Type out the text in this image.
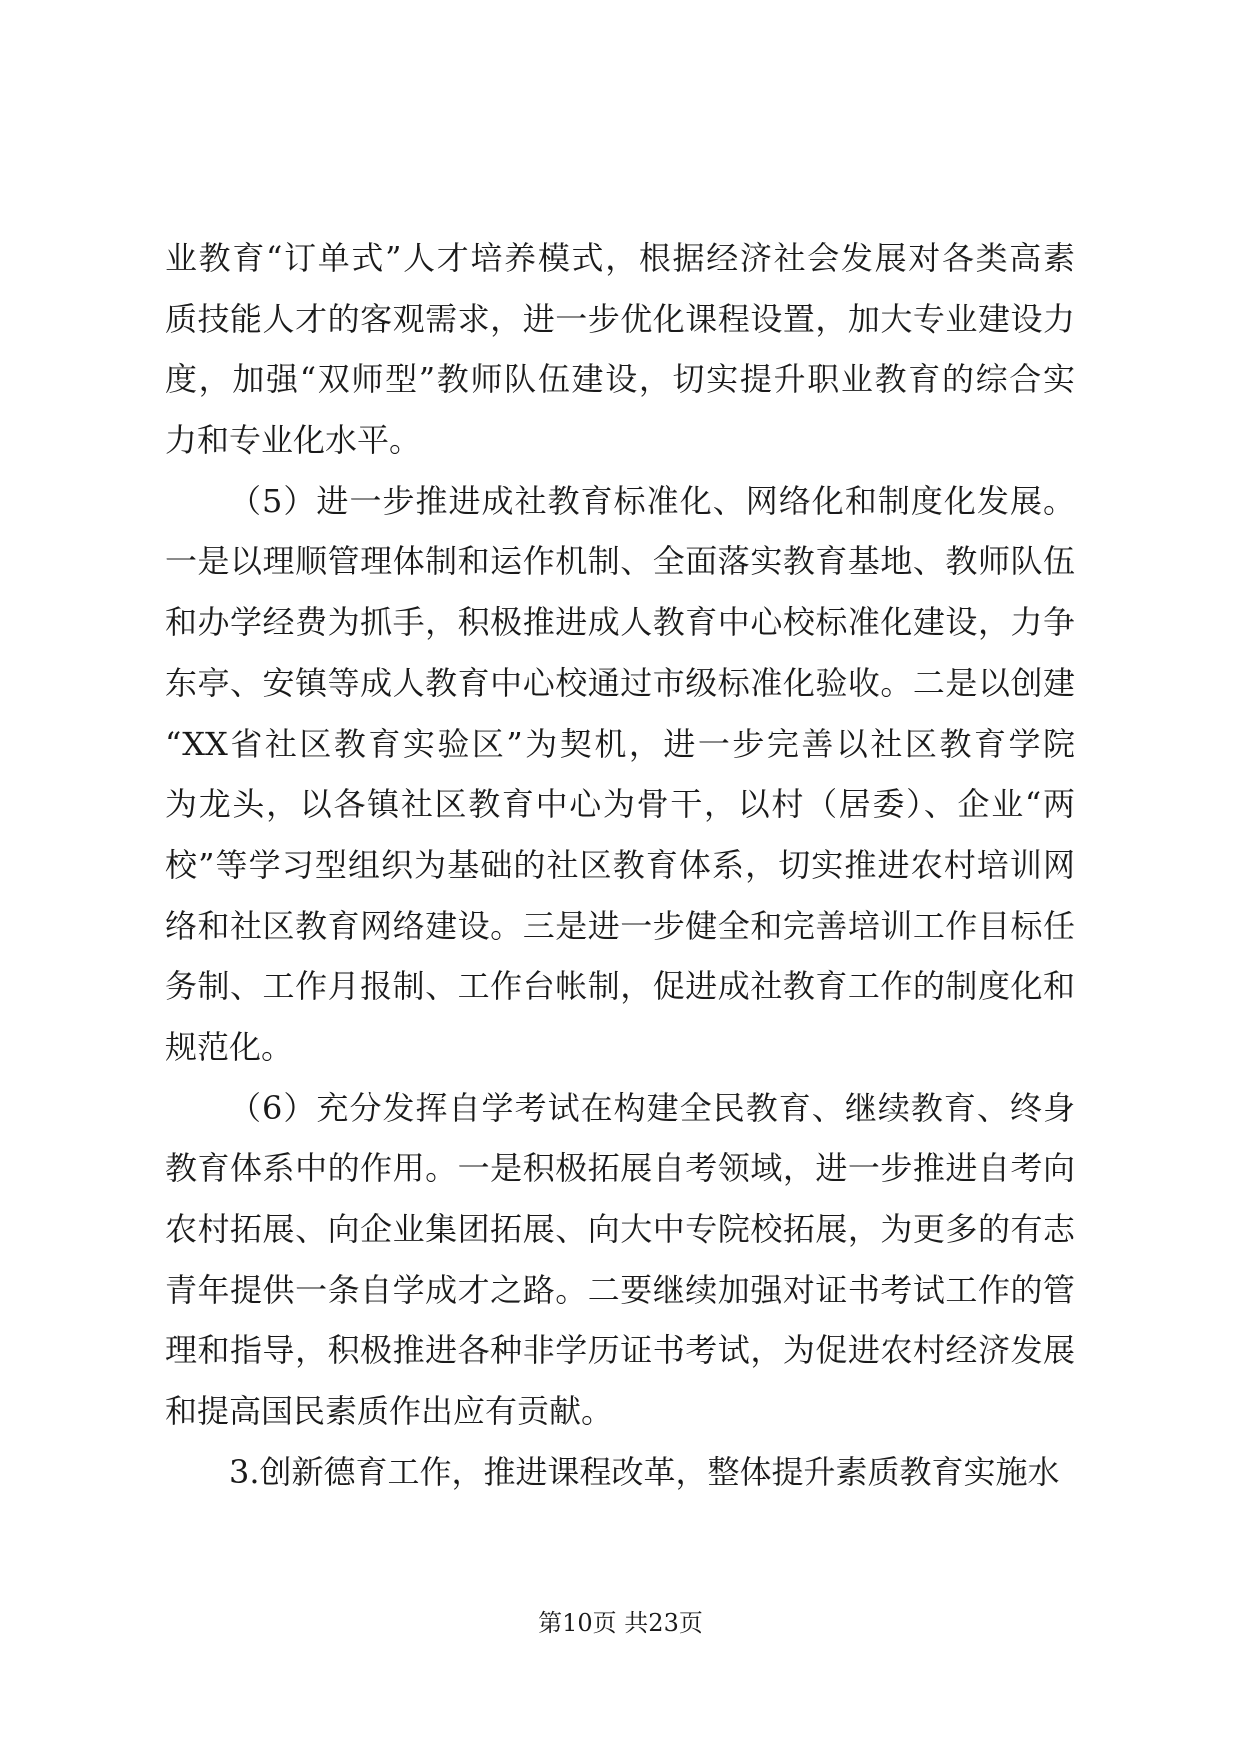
业教育“订单式”人才培养模式，根据经济社会发展对各类高素
质技能人才的客观需求，进一步优化课程设置，加大专业建设力
度，加强“双师型”教师队伍建设，切实提升职业教育的综合实
力和专业化水平。
（5）进一步推进成社教育标准化、网络化和制度化发展。
一是以理顺管理体制和运作机制、全面落实教育基地、教师队伍
和办学经费为抓手，积极推进成人教育中心校标准化建设，力争
东亭、安镇等成人教育中心校通过市级标准化验收。二是以创建
“XX省社区教育实验区”为契机，进一步完善以社区教育学院
为龙头，以各镇社区教育中心为骨干，以村（居委）、企业“两
校”等学习型组织为基础的社区教育体系，切实推进农村培训网
络和社区教育网络建设。三是进一步健全和完善培训工作目标任
务制、工作月报制、工作台帐制，促进成社教育工作的制度化和
规范化。
（6）充分发挥自学考试在构建全民教育、继续教育、终身
教育体系中的作用。一是积极拓展自考领域，进一步推进自考向
农村拓展、向企业集团拓展、向大中专院校拓展，为更多的有志
青年提供一条自学成才之路。二要继续加强对证书考试工作的管
理和指导，积极推进各种非学历证书考试，为促进农村经济发展
和提高国民素质作出应有贡献。
3.创新德育工作，推进课程改革，整体提升素质教育实施水
第10页 共23页
